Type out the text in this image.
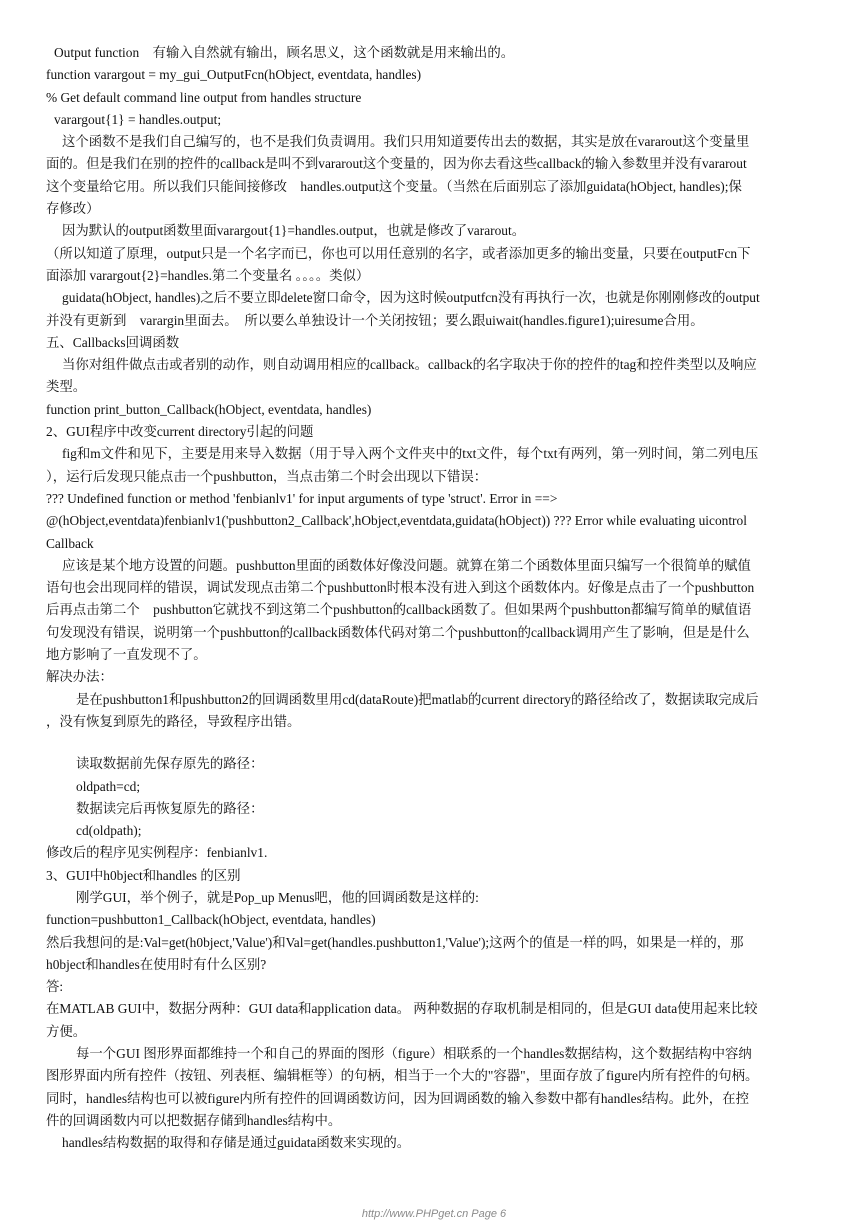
Output function　有输入自然就有输出，顾名思义，这个函数就是用来输出的。
function varargout = my_gui_OutputFcn(hObject, eventdata, handles)
% Get default command line output from handles structure
varargout{1} = handles.output;
这个函数不是我们自己编写的，也不是我们负责调用。我们只用知道要传出去的数据，其实是放在vararout这个变量里
面的。但是我们在别的控件的callback是叫不到vararout这个变量的，因为你去看这些callback的输入参数里并没有vararout
这个变量给它用。所以我们只能间接修改　handles.output这个变量。（当然在后面别忘了添加guidata(hObject, handles);保
存修改）
因为默认的output函数里面varargout{1}=handles.output，也就是修改了vararout。
（所以知道了原理，output只是一个名字而已，你也可以用任意别的名字，或者添加更多的输出变量，只要在outputFcn下
面添加 varargout{2}=handles.第二个变量名 。。。。类似）
guidata(hObject, handles)之后不要立即delete窗口命令，因为这时候outputfcn没有再执行一次，也就是你刚刚修改的output
并没有更新到　varargin里面去。　所以要么单独设计一个关闭按钮；要么跟uiwait(handles.figure1);uiresume合用。
五、Callbacks回调函数
当你对组件做点击或者别的动作，则自动调用相应的callback。callback的名字取决于你的控件的tag和控件类型以及响应
类型。
function print_button_Callback(hObject, eventdata, handles)
2、GUI程序中改变current directory引起的问题
fig和m文件和见下，主要是用来导入数据（用于导入两个文件夹中的txt文件，每个txt有两列，第一列时间，第二列电压
），运行后发现只能点击一个pushbutton，当点击第二个时会出现以下错误：
??? Undefined function or method 'fenbianlv1' for input arguments of type 'struct'. Error in ==>
@(hObject,eventdata)fenbianlv1('pushbutton2_Callback',hObject,eventdata,guidata(hObject)) ??? Error while evaluating uicontrol
Callback
应该是某个地方设置的问题。pushbutton里面的函数体好像没问题。就算在第二个函数体里面只编写一个很简单的赋值
语句也会出现同样的错误，调试发现点击第二个pushbutton时根本没有进入到这个函数体内。好像是点击了一个pushbutton
后再点击第二个　pushbutton它就找不到这第二个pushbutton的callback函数了。但如果两个pushbutton都编写简单的赋值语
句发现没有错误，说明第一个pushbutton的callback函数体代码对第二个pushbutton的callback调用产生了影响，但是是什么
地方影响了一直发现不了。
解决办法：
是在pushbutton1和pushbutton2的回调函数里用cd(dataRoute)把matlab的current directory的路径给改了，数据读取完成后
，没有恢复到原先的路径，导致程序出错。
读取数据前先保存原先的路径：
oldpath=cd;
数据读完后再恢复原先的路径：
cd(oldpath);
修改后的程序见实例程序：fenbianlv1.
3、GUI中h0bject和handles 的区别
刚学GUI，举个例子，就是Pop_up Menus吧，他的回调函数是这样的:
function=pushbutton1_Callback(hObject, eventdata, handles)
然后我想问的是:Val=get(h0bject,'Value')和Val=get(handles.pushbutton1,'Value');这两个的值是一样的吗，如果是一样的，那
h0bject和handles在使用时有什么区别?
答:
在MATLAB GUI中，数据分两种：GUI data和application data。 两种数据的存取机制是相同的，但是GUI data使用起来比较
方便。
每一个GUI 图形界面都维持一个和自己的界面的图形（figure）相联系的一个handles数据结构，这个数据结构中容纳
图形界面内所有控件（按钮、列表框、编辑框等）的句柄，相当于一个大的"容器"，里面存放了figure内所有控件的句柄。
同时，handles结构也可以被figure内所有控件的回调函数访问，因为回调函数的输入参数中都有handles结构。此外，在控
件的回调函数内可以把数据存储到handles结构中。
handles结构数据的取得和存储是通过guidata函数来实现的。
http://www.PHPget.cn Page 6
